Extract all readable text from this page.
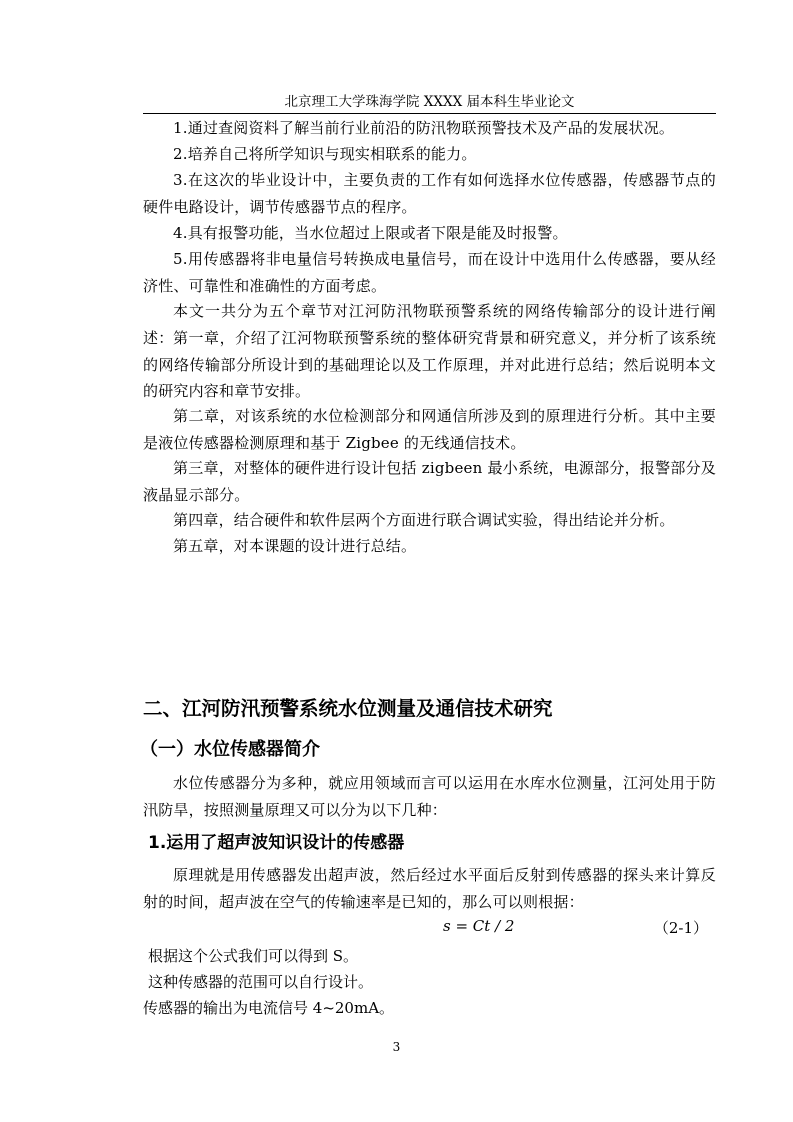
北京理工大学珠海学院 XXXX 届本科生毕业论文

1.通过查阅资料了解当前行业前沿的防汛物联预警技术及产品的发展状况。

2.培养自己将所学知识与现实相联系的能力。

3.在这次的毕业设计中，主要负责的工作有如何选择水位传感器，传感器节点的硬件电路设计，调节传感器节点的程序。

4.具有报警功能，当水位超过上限或者下限是能及时报警。

5.用传感器将非电量信号转换成电量信号，而在设计中选用什么传感器，要从经济性、可靠性和准确性的方面考虑。

本文一共分为五个章节对江河防汛物联预警系统的网络传输部分的设计进行阐述： 第一章，介绍了江河物联预警系统的整体研究背景和研究意义，并分析了该系统的网络传输部分所设计到的基础理论以及工作原理，并对此进行总结；然后说明本文的研究内容和章节安排。

第二章，对该系统的水位检测部分和网通信所涉及到的原理进行分析。其中主要是液位传感器检测原理和基于 Zigbee 的无线通信技术。

第三章，对整体的硬件进行设计包括 zigbeen 最小系统，电源部分，报警部分及液晶显示部分。

第四章，结合硬件和软件层两个方面进行联合调试实验，得出结论并分析。

第五章，对本课题的设计进行总结。

二、江河防汛预警系统水位测量及通信技术研究
（一）水位传感器简介

水位传感器分为多种，就应用领域而言可以运用在水库水位测量，江河处用于防汛防旱，按照测量原理又可以分为以下几种：

1.运用了超声波知识设计的传感器

原理就是用传感器发出超声波，然后经过水平面后反射到传感器的探头来计算反射的时间，超声波在空气的传输速率是已知的，那么可以则根据：

s = Ct / 2	（2-1）

根据这个公式我们可以得到 S。

这种传感器的范围可以自行设计。

传感器的输出为电流信号 4~20mA。

3
